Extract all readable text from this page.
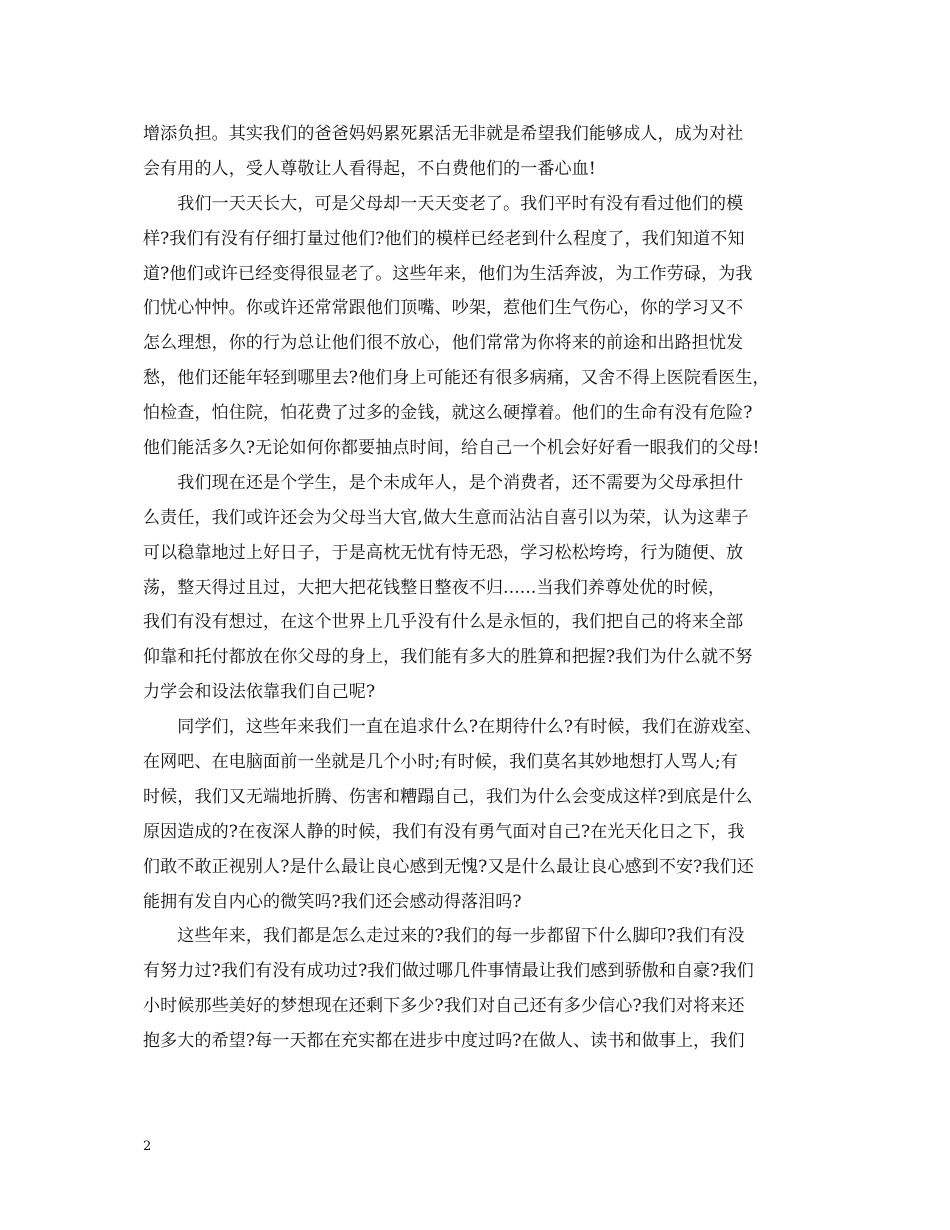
增添负担。其实我们的爸爸妈妈累死累活无非就是希望我们能够成人，成为对社
会有用的人，受人尊敬让人看得起，不白费他们的一番心血!
　　我们一天天长大，可是父母却一天天变老了。我们平时有没有看过他们的模
样?我们有没有仔细打量过他们?他们的模样已经老到什么程度了，我们知道不知
道?他们或许已经变得很显老了。这些年来，他们为生活奔波，为工作劳碌，为我
们忧心忡忡。你或许还常常跟他们顶嘴、吵架，惹他们生气伤心，你的学习又不
怎么理想，你的行为总让他们很不放心，他们常常为你将来的前途和出路担忧发
愁，他们还能年轻到哪里去?他们身上可能还有很多病痛，又舍不得上医院看医生，
怕检查，怕住院，怕花费了过多的金钱，就这么硬撑着。他们的生命有没有危险?
他们能活多久?无论如何你都要抽点时间，给自己一个机会好好看一眼我们的父母!
　　我们现在还是个学生，是个未成年人，是个消费者，还不需要为父母承担什
么责任，我们或许还会为父母当大官,做大生意而沾沾自喜引以为荣，认为这辈子
可以稳靠地过上好日子，于是高枕无忧有恃无恐，学习松松垮垮，行为随便、放
荡，整天得过且过，大把大把花钱整日整夜不归......当我们养尊处优的时候，
我们有没有想过，在这个世界上几乎没有什么是永恒的，我们把自己的将来全部
仰靠和托付都放在你父母的身上，我们能有多大的胜算和把握?我们为什么就不努
力学会和设法依靠我们自己呢?
　　同学们，这些年来我们一直在追求什么?在期待什么?有时候，我们在游戏室、
在网吧、在电脑面前一坐就是几个小时;有时候，我们莫名其妙地想打人骂人;有
时候，我们又无端地折腾、伤害和糟蹋自己，我们为什么会变成这样?到底是什么
原因造成的?在夜深人静的时候，我们有没有勇气面对自己?在光天化日之下，我
们敢不敢正视别人?是什么最让良心感到无愧?又是什么最让良心感到不安?我们还
能拥有发自内心的微笑吗?我们还会感动得落泪吗?
　　这些年来，我们都是怎么走过来的?我们的每一步都留下什么脚印?我们有没
有努力过?我们有没有成功过?我们做过哪几件事情最让我们感到骄傲和自豪?我们
小时候那些美好的梦想现在还剩下多少?我们对自己还有多少信心?我们对将来还
抱多大的希望?每一天都在充实都在进步中度过吗?在做人、读书和做事上，我们
2
